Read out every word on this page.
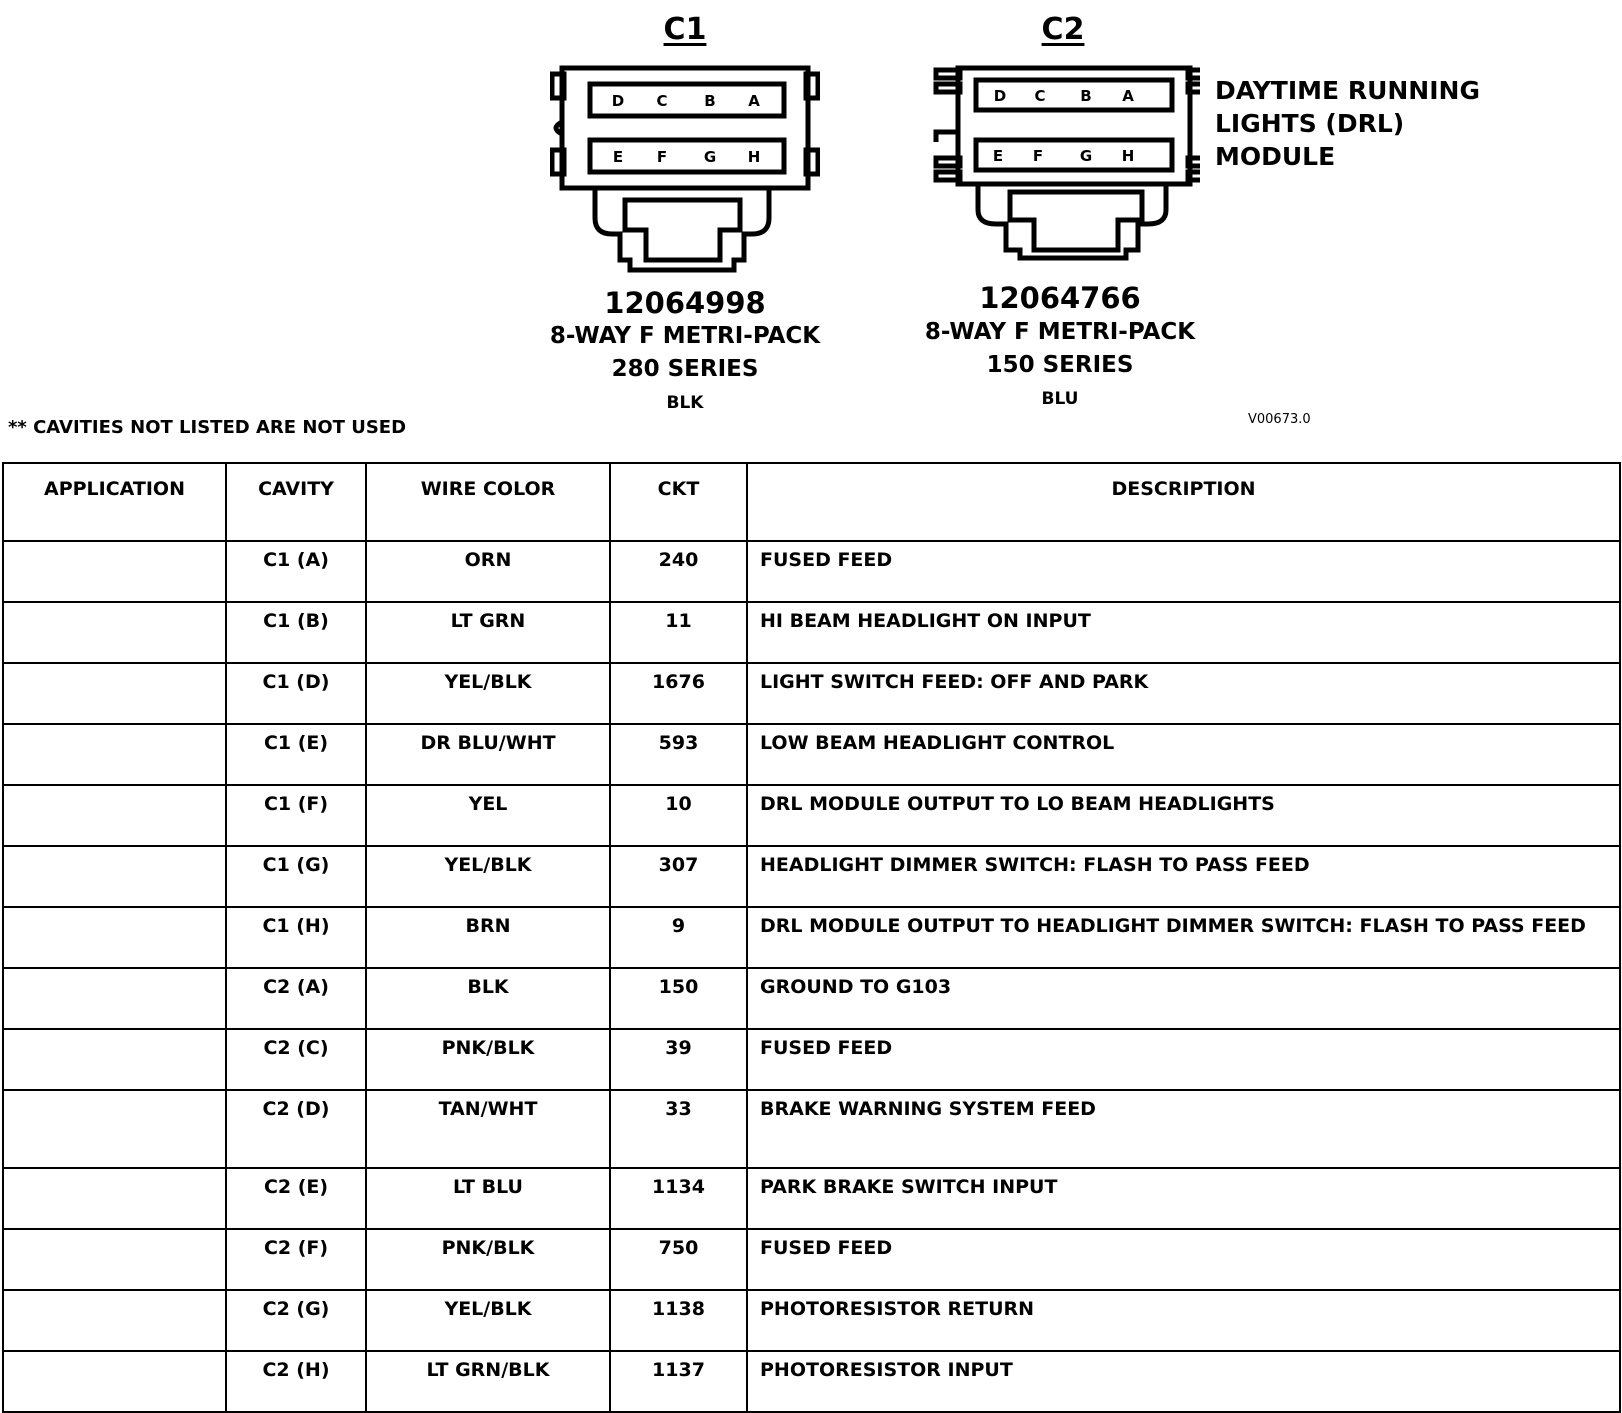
C1
D C B A
E F G H
12064998
8-WAY F METRI-PACK
280 SERIES
BLK
C2
D C B A
E F G H
12064766
8-WAY F METRI-PACK
150 SERIES
BLU
DAYTIME RUNNING
LIGHTS (DRL)
MODULE
** CAVITIES NOT LISTED ARE NOT USED	V00673.0
APPLICATION	CAVITY	WIRE COLOR	CKT	DESCRIPTION
	C1 (A)	ORN	240	FUSED FEED
	C1 (B)	LT GRN	11	HI BEAM HEADLIGHT ON INPUT
	C1 (D)	YEL/BLK	1676	LIGHT SWITCH FEED: OFF AND PARK
	C1 (E)	DR BLU/WHT	593	LOW BEAM HEADLIGHT CONTROL
	C1 (F)	YEL	10	DRL MODULE OUTPUT TO LO BEAM HEADLIGHTS
	C1 (G)	YEL/BLK	307	HEADLIGHT DIMMER SWITCH: FLASH TO PASS FEED
	C1 (H)	BRN	9	DRL MODULE OUTPUT TO HEADLIGHT DIMMER SWITCH: FLASH TO PASS FEED
	C2 (A)	BLK	150	GROUND TO G103
	C2 (C)	PNK/BLK	39	FUSED FEED
	C2 (D)	TAN/WHT	33	BRAKE WARNING SYSTEM FEED
	C2 (E)	LT BLU	1134	PARK BRAKE SWITCH INPUT
	C2 (F)	PNK/BLK	750	FUSED FEED
	C2 (G)	YEL/BLK	1138	PHOTORESISTOR RETURN
	C2 (H)	LT GRN/BLK	1137	PHOTORESISTOR INPUT
